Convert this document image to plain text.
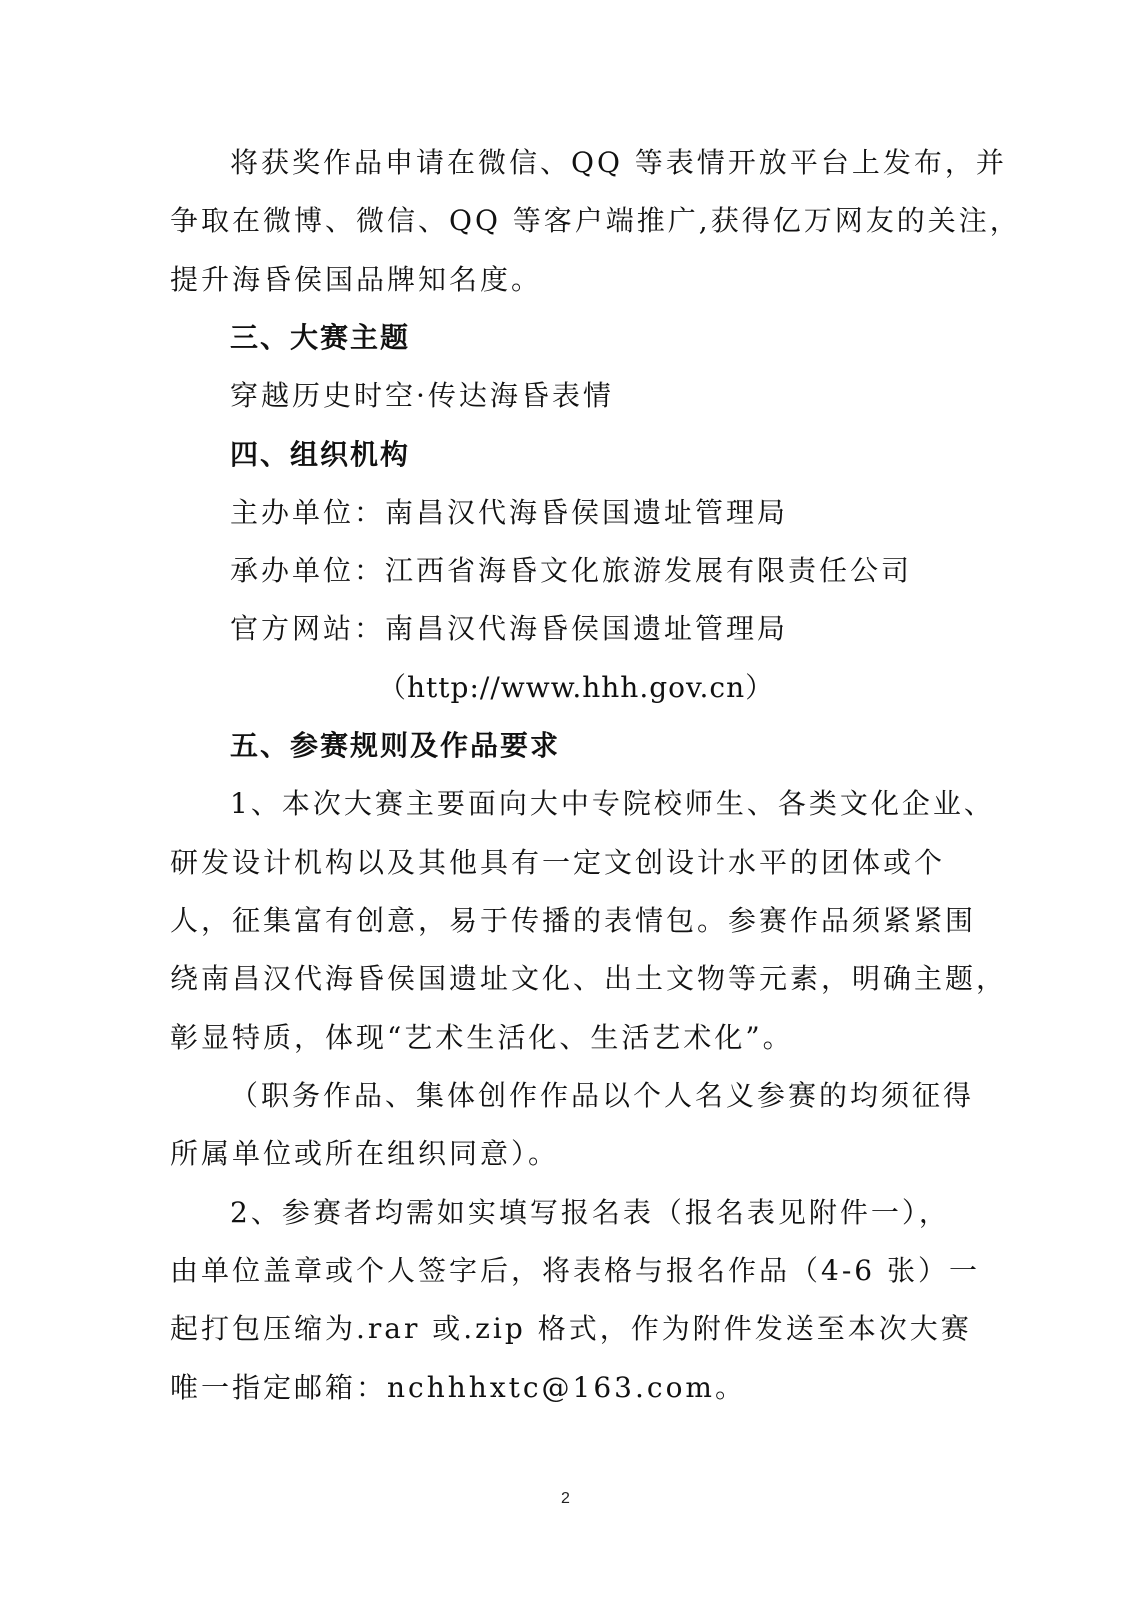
将获奖作品申请在微信、QQ 等表情开放平台上发布，并
争取在微博、微信、QQ 等客户端推广,获得亿万网友的关注，
提升海昏侯国品牌知名度。
三、大赛主题
穿越历史时空·传达海昏表情
四、组织机构
主办单位：南昌汉代海昏侯国遗址管理局
承办单位：江西省海昏文化旅游发展有限责任公司
官方网站：南昌汉代海昏侯国遗址管理局
（http://www.hhh.gov.cn）
五、参赛规则及作品要求
1、本次大赛主要面向大中专院校师生、各类文化企业、
研发设计机构以及其他具有一定文创设计水平的团体或个
人，征集富有创意，易于传播的表情包。参赛作品须紧紧围
绕南昌汉代海昏侯国遗址文化、出土文物等元素，明确主题，
彰显特质，体现“艺术生活化、生活艺术化”。
（职务作品、集体创作作品以个人名义参赛的均须征得
所属单位或所在组织同意）。
2、参赛者均需如实填写报名表（报名表见附件一），
由单位盖章或个人签字后，将表格与报名作品（4-6 张）一
起打包压缩为.rar 或.zip 格式，作为附件发送至本次大赛
唯一指定邮箱：nchhhxtc@163.com。
2
